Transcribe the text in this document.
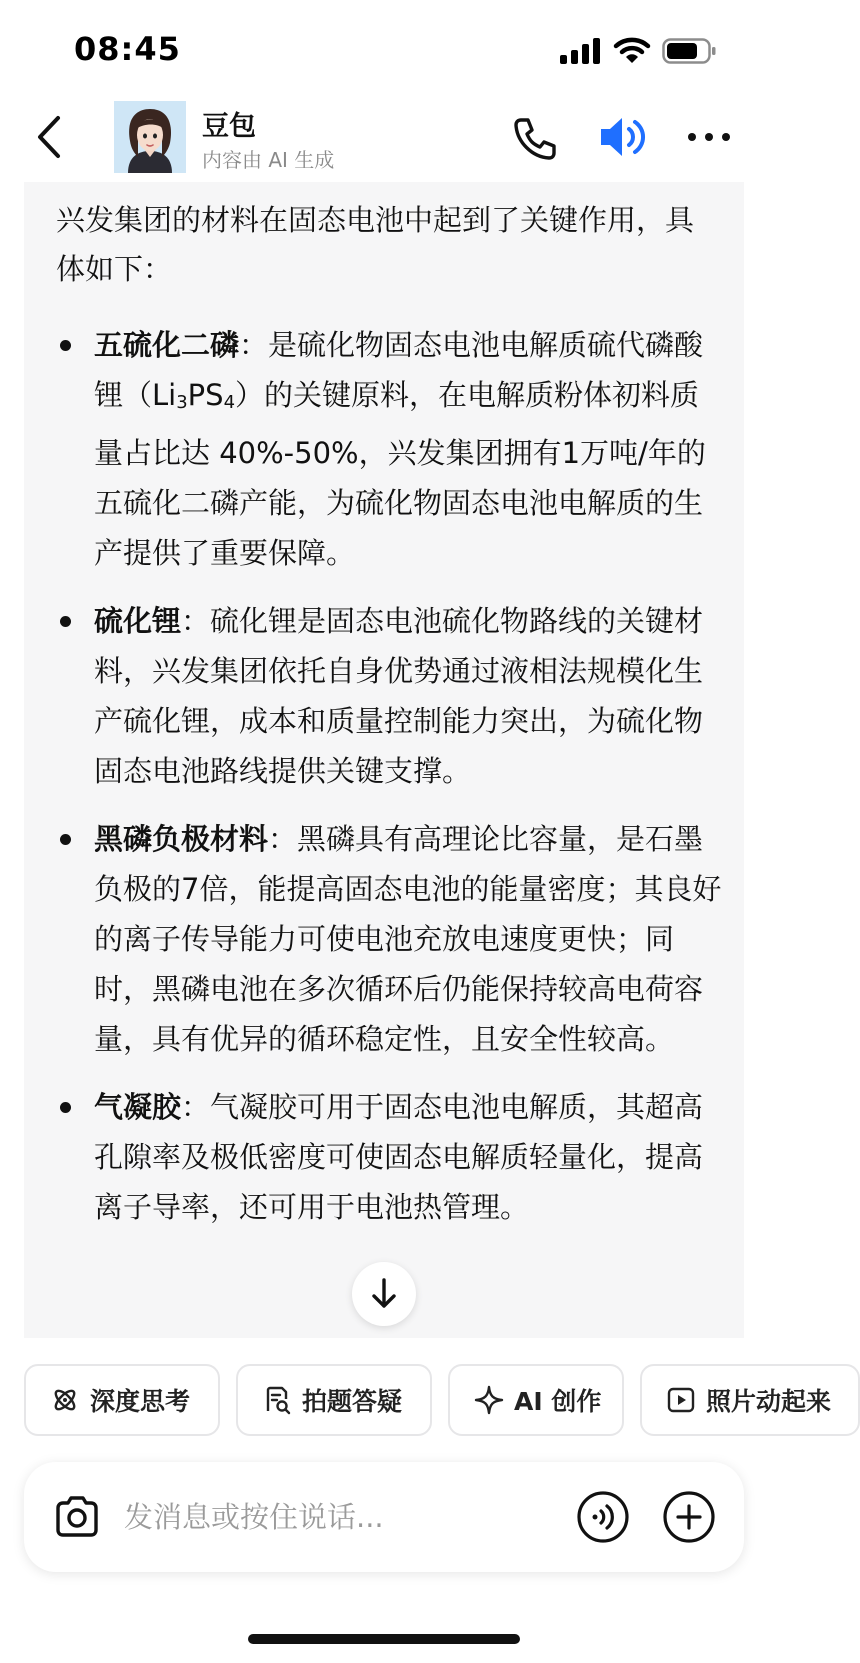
08:45
豆包
内容由 AI 生成
兴发集团的材料在固态电池中起到了关键作用，具体如下：
五硫化二磷：是硫化物固态电池电解质硫代磷酸锂$(Li_3PS_4)$的关键原料，在电解质粉体初料质量占比达 40%-50%，兴发集团拥有1万吨/年的五硫化二磷产能，为硫化物固态电池电解质的生产提供了重要保障。
硫化锂：硫化锂是固态电池硫化物路线的关键材料，兴发集团依托自身优势通过液相法规模化生产硫化锂，成本和质量控制能力突出，为硫化物固态电池路线提供关键支撑。
黑磷负极材料：黑磷具有高理论比容量，是石墨负极的7倍，能提高固态电池的能量密度；其良好的离子传导能力可使电池充放电速度更快；同时，黑磷电池在多次循环后仍能保持较高电荷容量，具有优异的循环稳定性，且安全性较高。
气凝胶：气凝胶可用于固态电池电解质，其超高孔隙率及极低密度可使固态电解质轻量化，提高离子导率，还可用于电池热管理。
深度思考	拍题答疑	AI 创作	照片动起来
发消息或按住说话...
